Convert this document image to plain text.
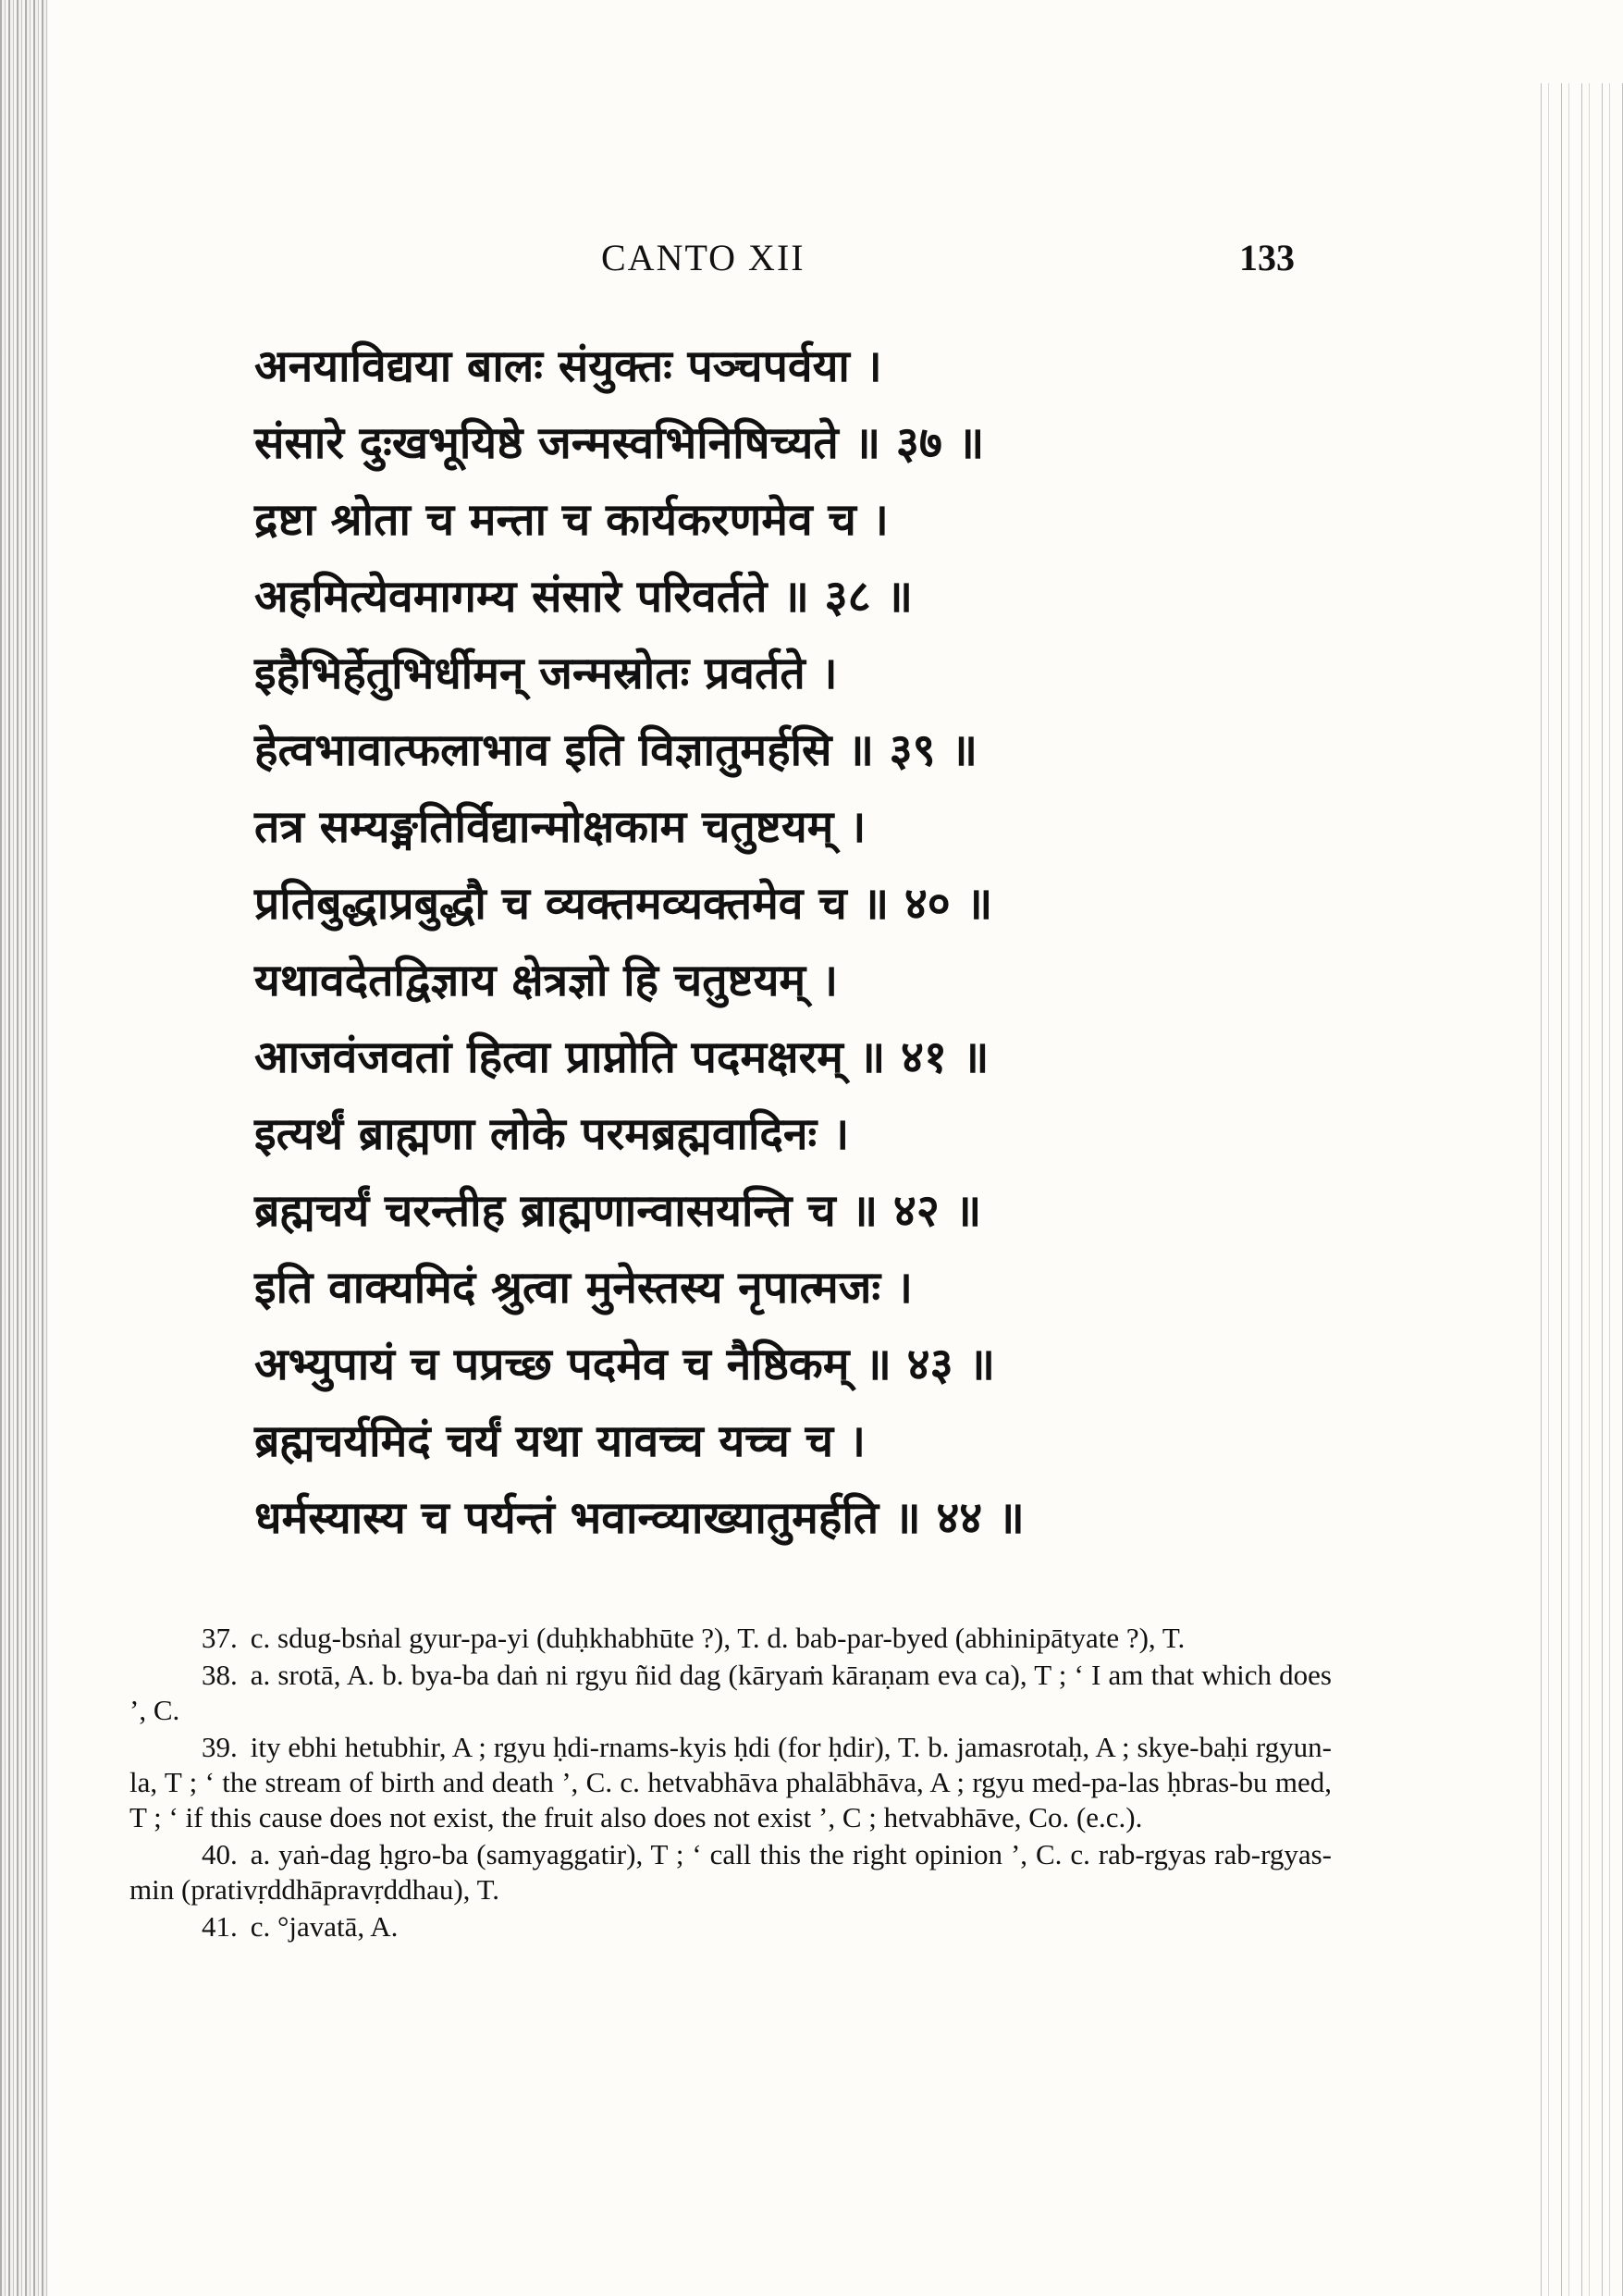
CANTO XII	133
अनयाविद्यया बालः संयुक्तः पञ्चपर्वया ।
संसारे दुःखभूयिष्ठे जन्मस्वभिनिषिच्यते ॥ ३७ ॥
द्रष्टा श्रोता च मन्ता च कार्यकरणमेव च ।
अहमित्येवमागम्य संसारे परिवर्तते ॥ ३८ ॥
इहैभिर्हेतुभिर्धीमन् जन्मस्रोतः प्रवर्तते ।
हेत्वभावात्फलाभाव इति विज्ञातुमर्हसि ॥ ३९ ॥
तत्र सम्यङ्मतिर्विद्यान्मोक्षकाम चतुष्टयम् ।
प्रतिबुद्धाप्रबुद्धौ च व्यक्तमव्यक्तमेव च ॥ ४० ॥
यथावदेतद्विज्ञाय क्षेत्रज्ञो हि चतुष्टयम् ।
आजवंजवतां हित्वा प्राप्नोति पदमक्षरम् ॥ ४१ ॥
इत्यर्थं ब्राह्मणा लोके परमब्रह्मवादिनः ।
ब्रह्मचर्यं चरन्तीह ब्राह्मणान्वासयन्ति च ॥ ४२ ॥
इति वाक्यमिदं श्रुत्वा मुनेस्तस्य नृपात्मजः ।
अभ्युपायं च पप्रच्छ पदमेव च नैष्ठिकम् ॥ ४३ ॥
ब्रह्मचर्यमिदं चर्यं यथा यावच्च यच्च च ।
धर्मस्यास्य च पर्यन्तं भवान्व्याख्यातुमर्हति ॥ ४४ ॥

37. c. sdug-bsṅal gyur-pa-yi (duḥkhabhūte ?), T. d. bab-par-byed (abhinipātyate ?), T.

38. a. srotā, A. b. bya-ba daṅ ni rgyu ñid dag (kāryaṁ kāraṇam eva ca), T ; ‘ I am that which does ’, C.

39. ity ebhi hetubhir, A ; rgyu ḥdi-rnams-kyis ḥdi (for ḥdir), T. b. jamasrotaḥ, A ; skye-baḥi rgyun-la, T ; ‘ the stream of birth and death ’, C. c. hetvabhāva phalābhāva, A ; rgyu med-pa-las ḥbras-bu med, T ; ‘ if this cause does not exist, the fruit also does not exist ’, C ; hetvabhāve, Co. (e.c.).

40. a. yaṅ-dag ḥgro-ba (samyaggatir), T ; ‘ call this the right opinion ’, C. c. rab-rgyas rab-rgyas-min (prativṛddhāpravṛddhau), T.

41. c. °javatā, A.
